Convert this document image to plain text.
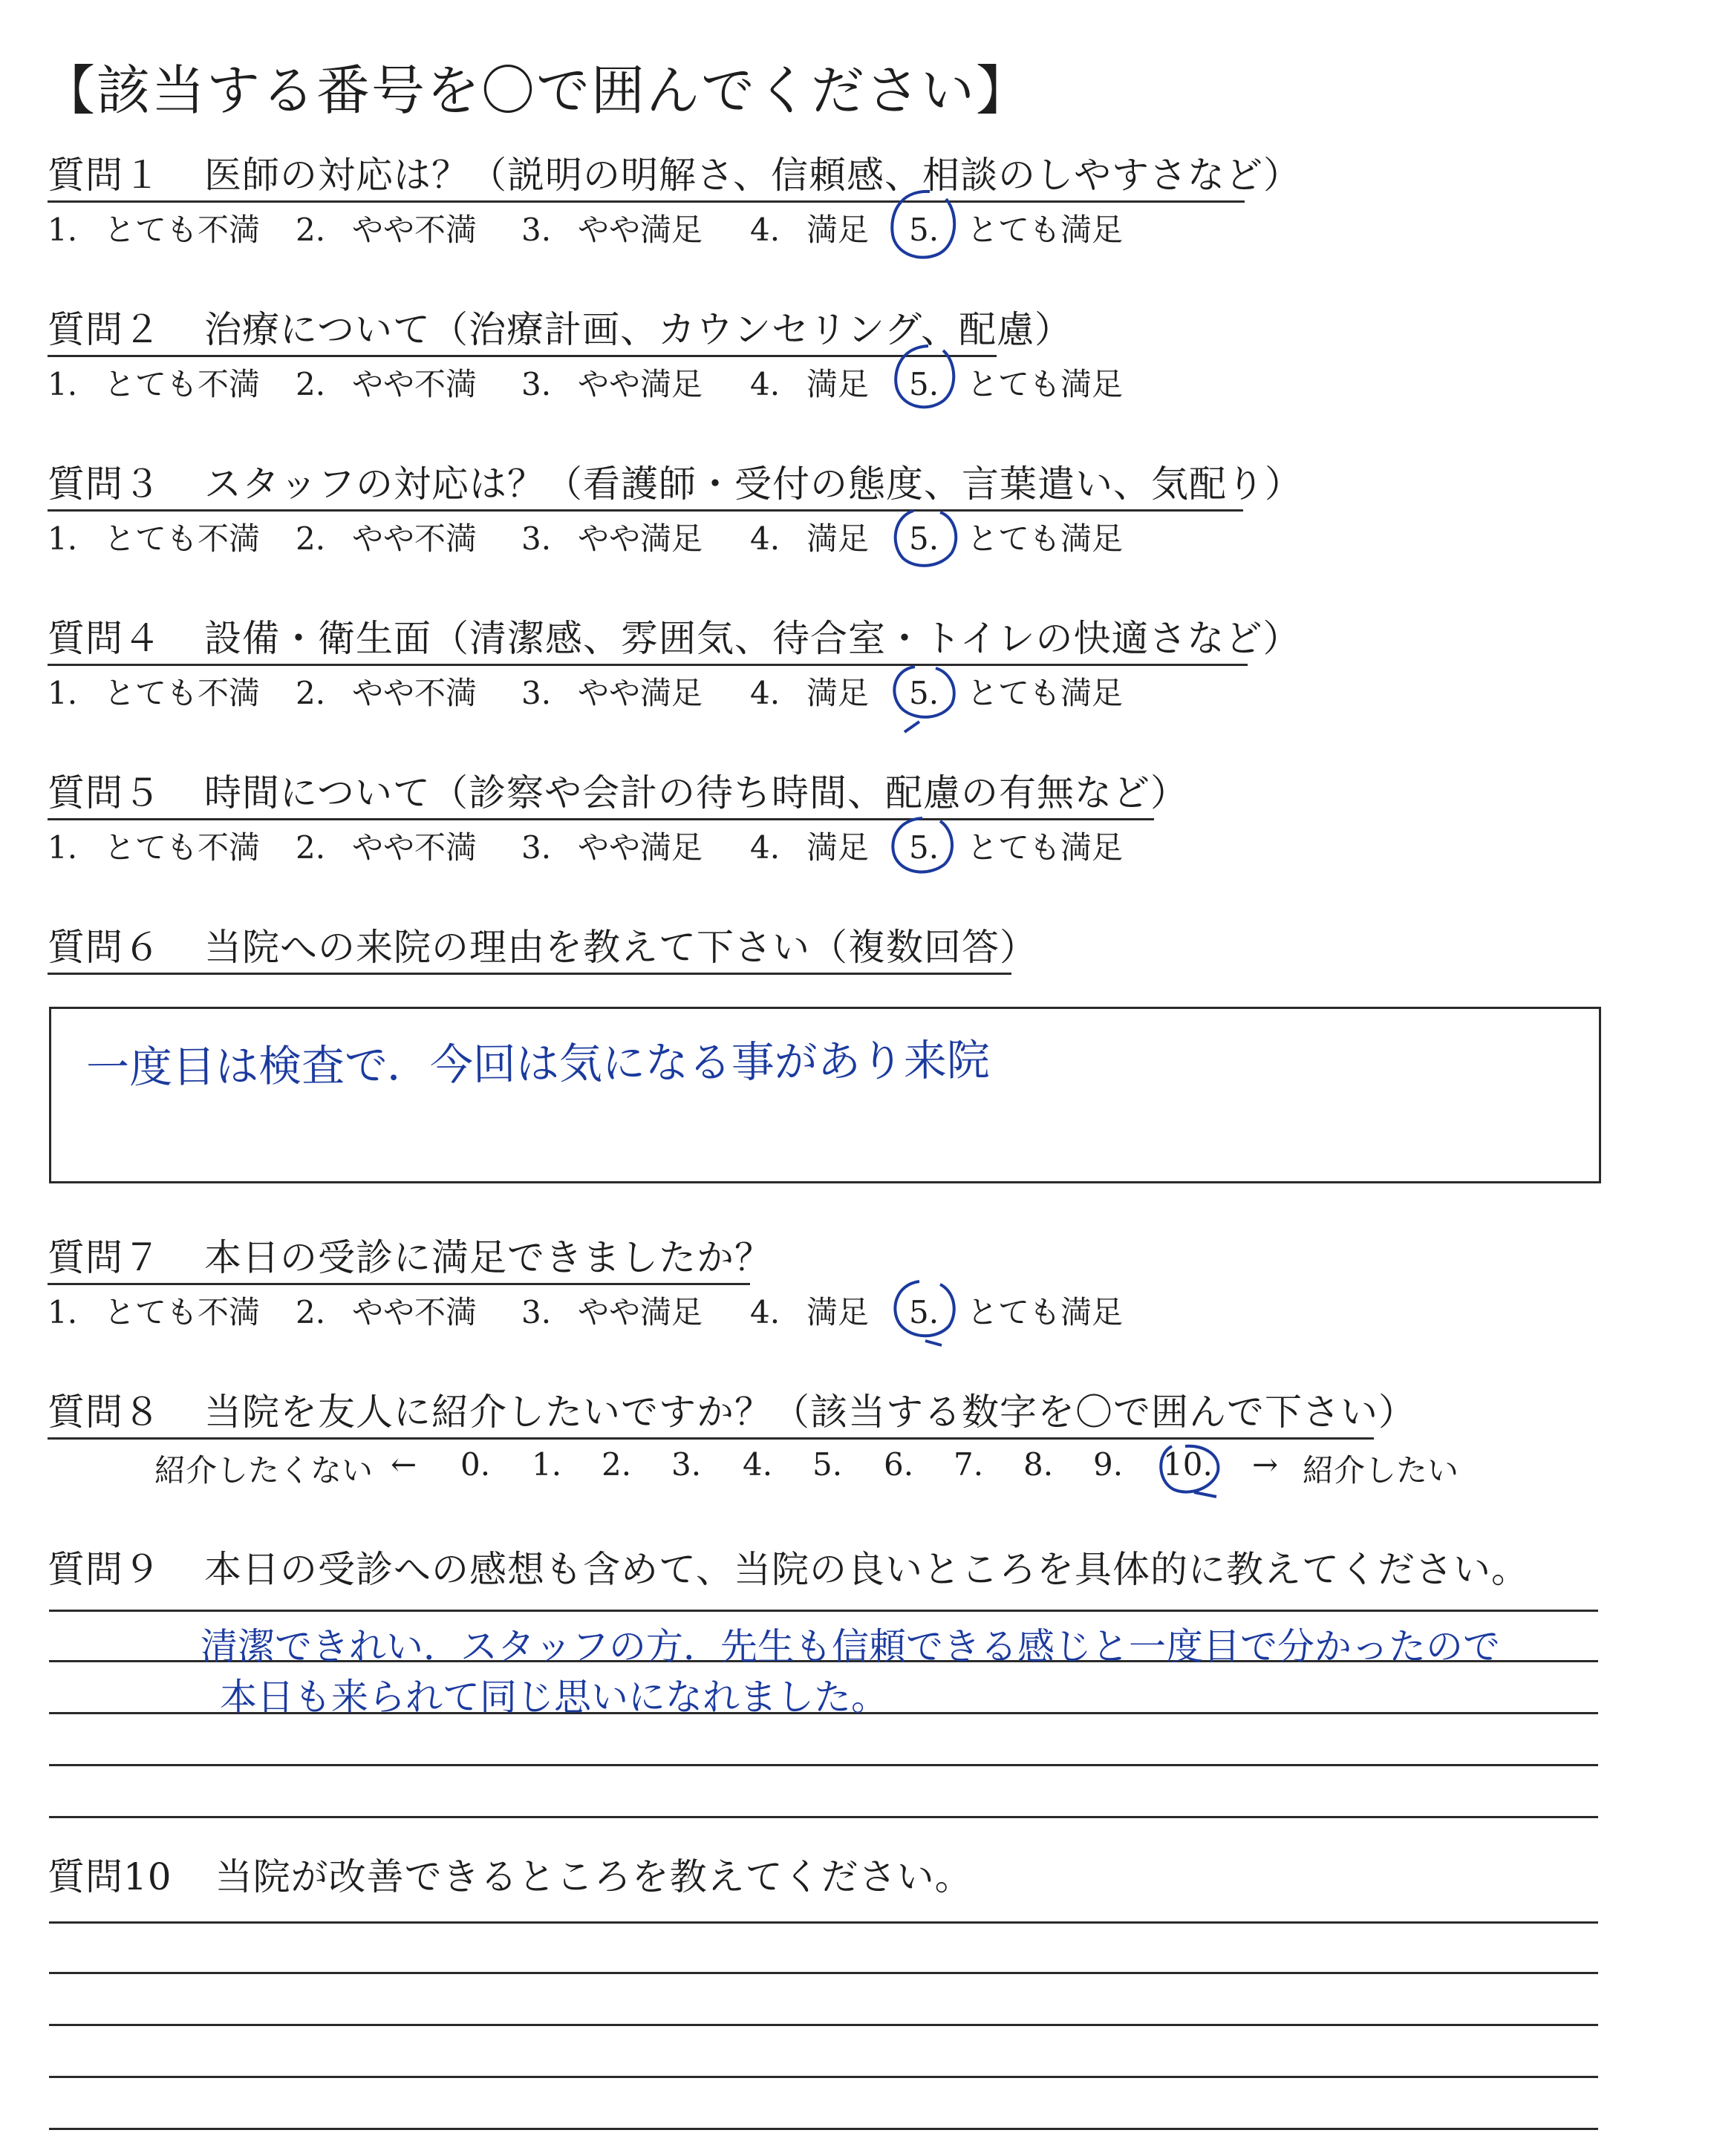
【該当する番号を〇で囲んでください】
質問１ 医師の対応は？（説明の明解さ、信頼感、相談のしやすさなど）
1. とても不満 2. やや不満 3. やや満足 4. 満足 5. とても満足
質問２ 治療について（治療計画、カウンセリング、配慮）
1. とても不満 2. やや不満 3. やや満足 4. 満足 5. とても満足
質問３ スタッフの対応は？（看護師・受付の態度、言葉遣い、気配り）
1. とても不満 2. やや不満 3. やや満足 4. 満足 5. とても満足
質問４ 設備・衛生面（清潔感、雰囲気、待合室・トイレの快適さなど）
1. とても不満 2. やや不満 3. やや満足 4. 満足 5. とても満足
質問５ 時間について（診察や会計の待ち時間、配慮の有無など）
1. とても不満 2. やや不満 3. やや満足 4. 満足 5. とても満足
質問６ 当院への来院の理由を教えて下さい（複数回答）
一度目は検査で．今回は気になる事があり来院
質問７ 本日の受診に満足できましたか？
1. とても不満 2. やや不満 3. やや満足 4. 満足 5. とても満足
質問８ 当院を友人に紹介したいですか？（該当する数字を〇で囲んで下さい）
紹介したくない ← 0. 1. 2. 3. 4. 5. 6. 7. 8. 9. 10. → 紹介したい
質問９ 本日の受診への感想も含めて、当院の良いところを具体的に教えてください。
清潔できれい．スタッフの方．先生も信頼できる感じと一度目で分かったので
本日も来られて同じ思いになれました。
質問10 当院が改善できるところを教えてください。
